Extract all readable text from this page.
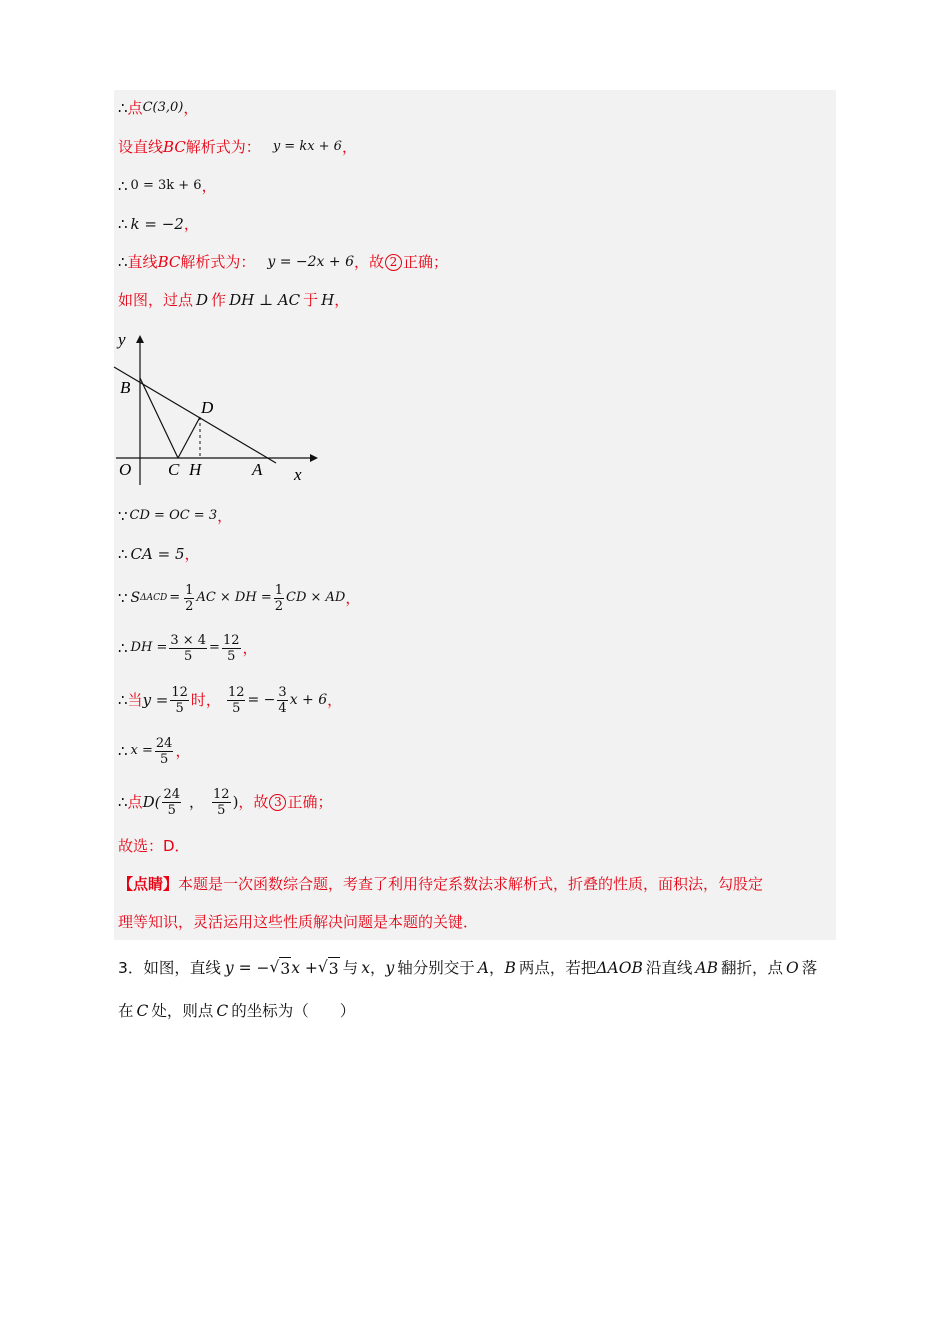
∴ 点 C(3,0) ，
设直线 BC 解析式为： y = kx + 6 ，
∴ 0 = 3k + 6 ，
∴ k = −2 ，
∴ 直线 BC 解析式为： y = −2x + 6 ，故 2 正确；
如图，过点 D 作 DH ⊥ AC 于 H ，
y
B
D
O C H	A x
∵ CD = OC = 3 ，
∴ CA = 5 ，
∵ S $\Delta ACD = \frac{1}{2}$ AC × DH = $\frac{1}{2}$ CD × AD ，
∴ DH = $\frac{3 \times 4}{5} = \frac{12}{5}$ ，
∴ 当 $y = \frac{12}{5}$ 时， $\frac{12}{5}$ = − $\frac{3}{4}$ x + 6 ，
∴ $x = \frac{24}{5}$ ，
∴ 点 $D( \frac{24}{5}$ ， $\frac{12}{5}$ ) ，故 3 正确；
故选：D．
【点睛】 本题是一次函数综合题，考查了利用待定系数法求解析式，折叠的性质，面积法，勾股定
理等知识，灵活运用这些性质解决问题是本题的关键．
3． 如图，直线 y = − √ 3 x + √ 3 与 x ， y 轴分别交于 A ， B 两点，若把 ΔAOB 沿直线 AB 翻折，点 O 落
在 C 处，则点 C 的坐标为（　　）
